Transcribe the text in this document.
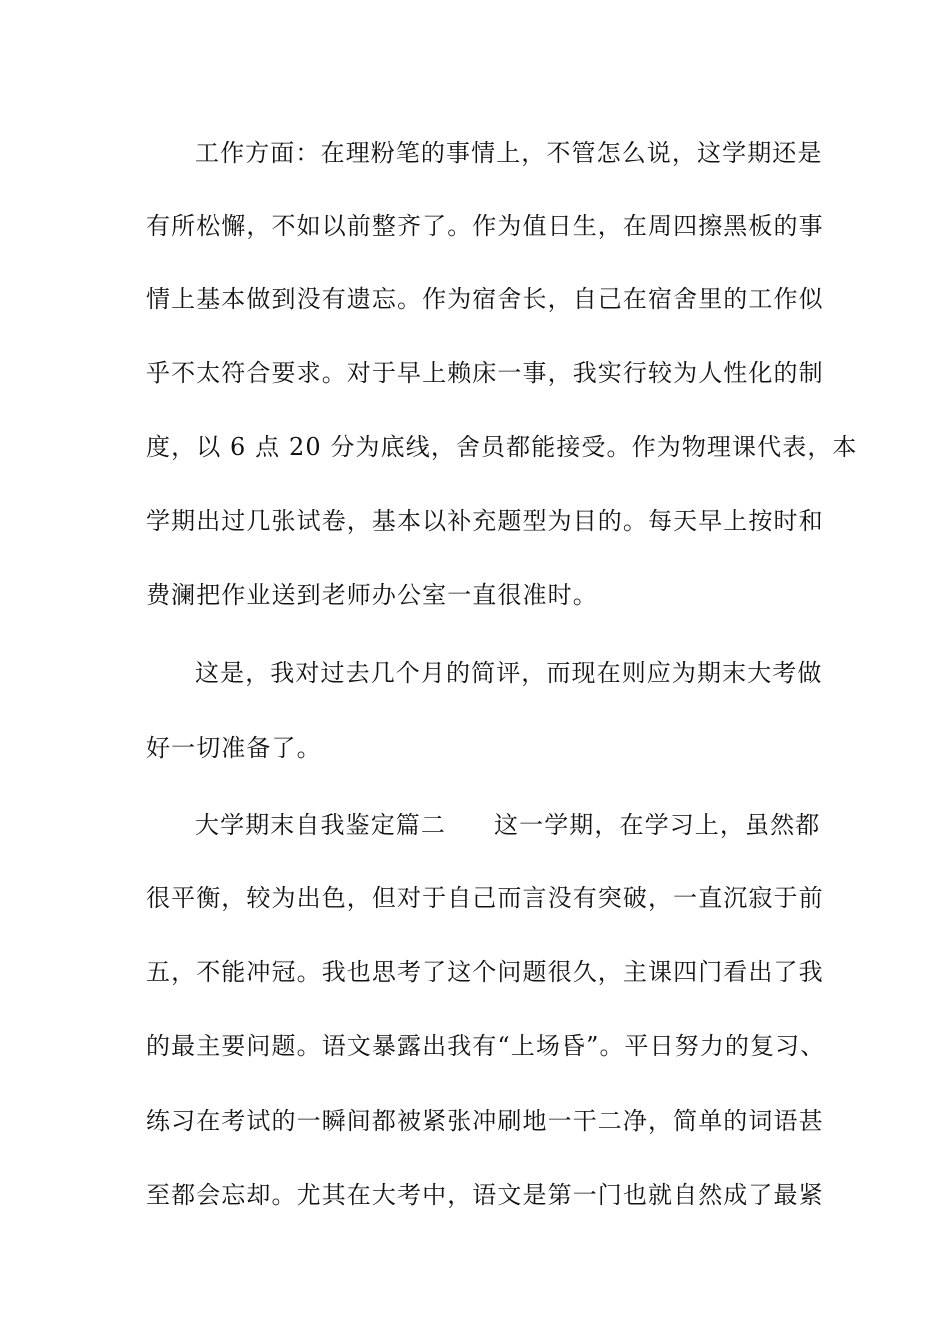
工作方面：在理粉笔的事情上，不管怎么说，这学期还是
有所松懈，不如以前整齐了。作为值日生，在周四擦黑板的事
情上基本做到没有遗忘。作为宿舍长，自己在宿舍里的工作似
乎不太符合要求。对于早上赖床一事，我实行较为人性化的制
度，以 6 点 20 分为底线，舍员都能接受。作为物理课代表，本
学期出过几张试卷，基本以补充题型为目的。每天早上按时和
费澜把作业送到老师办公室一直很准时。
这是，我对过去几个月的简评，而现在则应为期末大考做
好一切准备了。
大学期末自我鉴定篇二 这一学期，在学习上，虽然都
很平衡，较为出色，但对于自己而言没有突破，一直沉寂于前
五，不能冲冠。我也思考了这个问题很久，主课四门看出了我
的最主要问题。语文暴露出我有“上场昏”。平日努力的复习、
练习在考试的一瞬间都被紧张冲刷地一干二净，简单的词语甚
至都会忘却。尤其在大考中，语文是第一门也就自然成了最紧
